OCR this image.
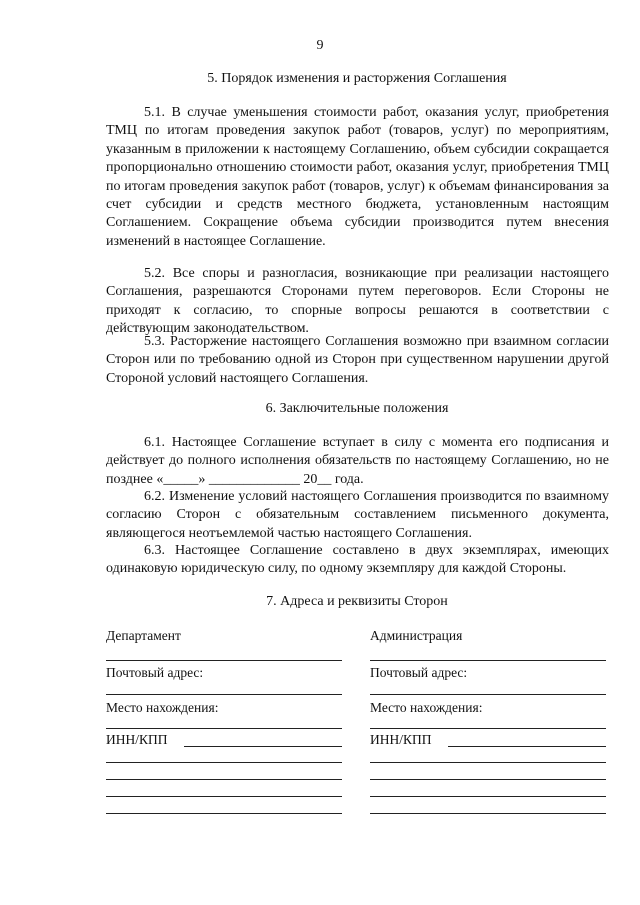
9
5. Порядок изменения и расторжения Соглашения

5.1. В случае уменьшения стоимости работ, оказания услуг, приобретения ТМЦ по итогам проведения закупок работ (товаров, услуг) по мероприятиям, указанным в приложении к настоящему Соглашению, объем субсидии сокращается пропорционально отношению стоимости работ, оказания услуг, приобретения ТМЦ по итогам проведения закупок работ (товаров, услуг) к объемам финансирования за счет субсидии и средств местного бюджета, установленным настоящим Соглашением. Сокращение объема субсидии производится путем внесения изменений в настоящее Соглашение.

5.2. Все споры и разногласия, возникающие при реализации настоящего Соглашения, разрешаются Сторонами путем переговоров. Если Стороны не приходят к согласию, то спорные вопросы решаются в соответствии с действующим законодательством.

5.3. Расторжение настоящего Соглашения возможно при взаимном согласии Сторон или по требованию одной из Сторон при существенном нарушении другой Стороной условий настоящего Соглашения.

6. Заключительные положения

6.1. Настоящее Соглашение вступает в силу с момента его подписания и действует до полного исполнения обязательств по настоящему Соглашению, но не позднее «_____» _____________ 20__ года.

6.2. Изменение условий настоящего Соглашения производится по взаимному согласию Сторон с обязательным составлением письменного документа, являющегося неотъемлемой частью настоящего Соглашения.

6.3. Настоящее Соглашение составлено в двух экземплярах, имеющих одинаковую юридическую силу, по одному экземпляру для каждой Стороны.

7. Адреса и реквизиты Сторон
Департамент
Почтовый адрес:
Место нахождения:
ИНН/КПП
Администрация
Почтовый адрес:
Место нахождения:
ИНН/КПП
